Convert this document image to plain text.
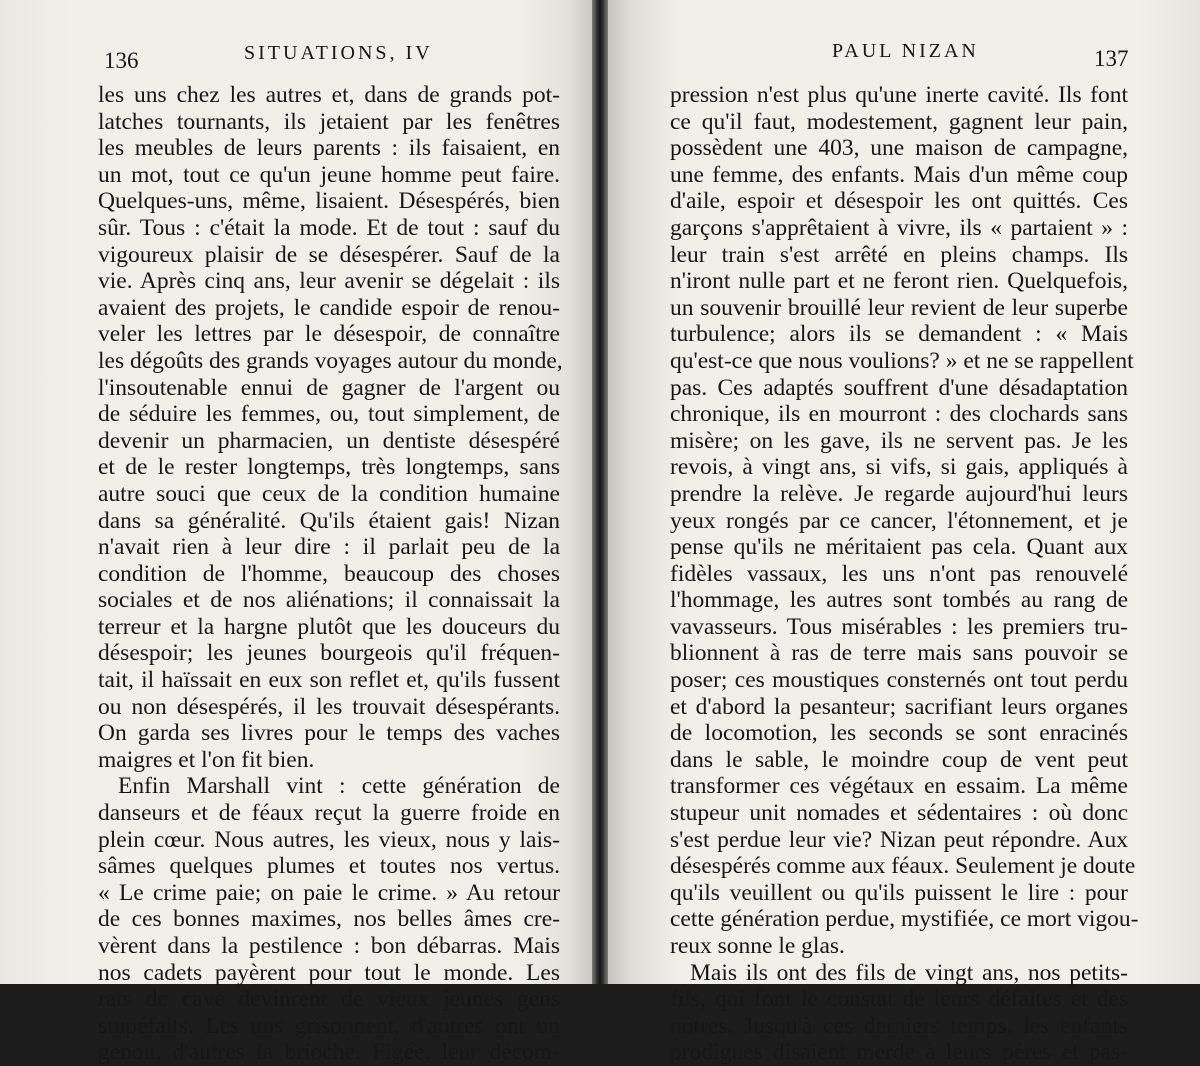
136	SITUATIONS, IV
les uns chez les autres et, dans de grands pot-
latches tournants, ils jetaient par les fenêtres
les meubles de leurs parents : ils faisaient, en
un mot, tout ce qu'un jeune homme peut faire.
Quelques-uns, même, lisaient. Désespérés, bien
sûr. Tous : c'était la mode. Et de tout : sauf du
vigoureux plaisir de se désespérer. Sauf de la
vie. Après cinq ans, leur avenir se dégelait : ils
avaient des projets, le candide espoir de renou-
veler les lettres par le désespoir, de connaître
les dégoûts des grands voyages autour du monde,
l'insoutenable ennui de gagner de l'argent ou
de séduire les femmes, ou, tout simplement, de
devenir un pharmacien, un dentiste désespéré
et de le rester longtemps, très longtemps, sans
autre souci que ceux de la condition humaine
dans sa généralité. Qu'ils étaient gais! Nizan
n'avait rien à leur dire : il parlait peu de la
condition de l'homme, beaucoup des choses
sociales et de nos aliénations; il connaissait la
terreur et la hargne plutôt que les douceurs du
désespoir; les jeunes bourgeois qu'il fréquen-
tait, il haïssait en eux son reflet et, qu'ils fussent
ou non désespérés, il les trouvait désespérants.
On garda ses livres pour le temps des vaches
maigres et l'on fit bien.
Enfin Marshall vint : cette génération de
danseurs et de féaux reçut la guerre froide en
plein cœur. Nous autres, les vieux, nous y lais-
sâmes quelques plumes et toutes nos vertus.
« Le crime paie; on paie le crime. » Au retour
de ces bonnes maximes, nos belles âmes cre-
vèrent dans la pestilence : bon débarras. Mais
nos cadets payèrent pour tout le monde. Les
rats de cave devinrent de vieux jeunes gens
stupéfaits. Les uns grisonnent, d'autres ont un
genou, d'autres la brioche. Figée, leur décom-
PAUL NIZAN	137
pression n'est plus qu'une inerte cavité. Ils font
ce qu'il faut, modestement, gagnent leur pain,
possèdent une 403, une maison de campagne,
une femme, des enfants. Mais d'un même coup
d'aile, espoir et désespoir les ont quittés. Ces
garçons s'apprêtaient à vivre, ils « partaient » :
leur train s'est arrêté en pleins champs. Ils
n'iront nulle part et ne feront rien. Quelquefois,
un souvenir brouillé leur revient de leur superbe
turbulence; alors ils se demandent : « Mais
qu'est-ce que nous voulions? » et ne se rappellent
pas. Ces adaptés souffrent d'une désadaptation
chronique, ils en mourront : des clochards sans
misère; on les gave, ils ne servent pas. Je les
revois, à vingt ans, si vifs, si gais, appliqués à
prendre la relève. Je regarde aujourd'hui leurs
yeux rongés par ce cancer, l'étonnement, et je
pense qu'ils ne méritaient pas cela. Quant aux
fidèles vassaux, les uns n'ont pas renouvelé
l'hommage, les autres sont tombés au rang de
vavasseurs. Tous misérables : les premiers tru-
blionnent à ras de terre mais sans pouvoir se
poser; ces moustiques consternés ont tout perdu
et d'abord la pesanteur; sacrifiant leurs organes
de locomotion, les seconds se sont enracinés
dans le sable, le moindre coup de vent peut
transformer ces végétaux en essaim. La même
stupeur unit nomades et sédentaires : où donc
s'est perdue leur vie? Nizan peut répondre. Aux
désespérés comme aux féaux. Seulement je doute
qu'ils veuillent ou qu'ils puissent le lire : pour
cette génération perdue, mystifiée, ce mort vigou-
reux sonne le glas.
Mais ils ont des fils de vingt ans, nos petits-
fils, qui font le constat de leurs défaites et des
nôtres. Jusqu'à ces derniers temps, les enfants
prodigues disaient merde à leurs pères et pas-
